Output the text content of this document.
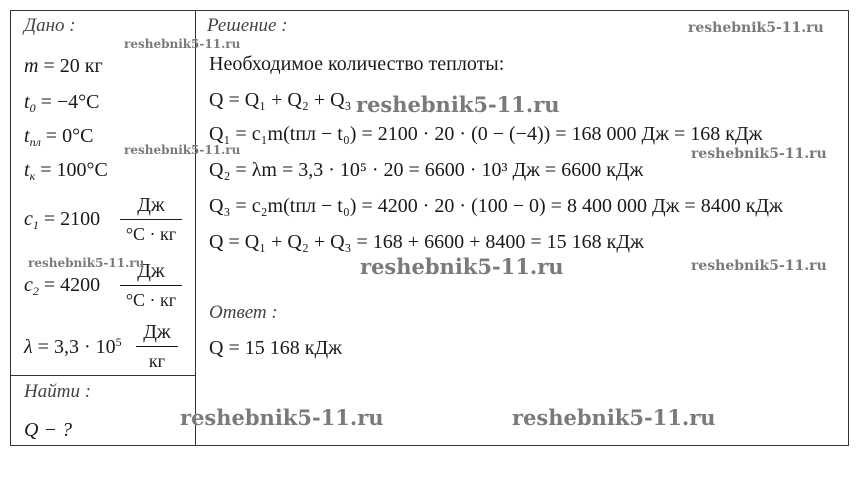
Дано :
m = 20 кг
$t_0 = -4^\circ C$
$t_{пл} = 0^\circ C$
$t_к = 100^\circ C$
$c_1 = 2100$
Дж
°C · кг
$c_2 = 4200$
Дж
°C · кг
$\lambda = 3,3 \cdot 10^5$	Дж
кг
Найти :
Q − ?
Решение :
Необходимое количество теплоты:
Q = Q₁ + Q₂ + Q₃
Q₁ = c₁m(tпл − t₀) = 2100 · 20 · (0 − (−4)) = 168 000 Дж = 168 кДж
Q₂ = λm = 3,3 · 10⁵ · 20 = 6600 · 10³ Дж = 6600 кДж
Q₃ = c₂m(tпл − t₀) = 4200 · 20 · (100 − 0) = 8 400 000 Дж = 8400 кДж
Q = Q₁ + Q₂ + Q₃ = 168 + 6600 + 8400 = 15 168 кДж
Ответ :
Q = 15 168 кДж
reshebnik5-11.ru
reshebnik5-11.ru
reshebnik5-11.ru
reshebnik5-11.ru	reshebnik5-11.ru
reshebnik5-11.ru	reshebnik5-11.ru	reshebnik5-11.ru
reshebnik5-11.ru	reshebnik5-11.ru
